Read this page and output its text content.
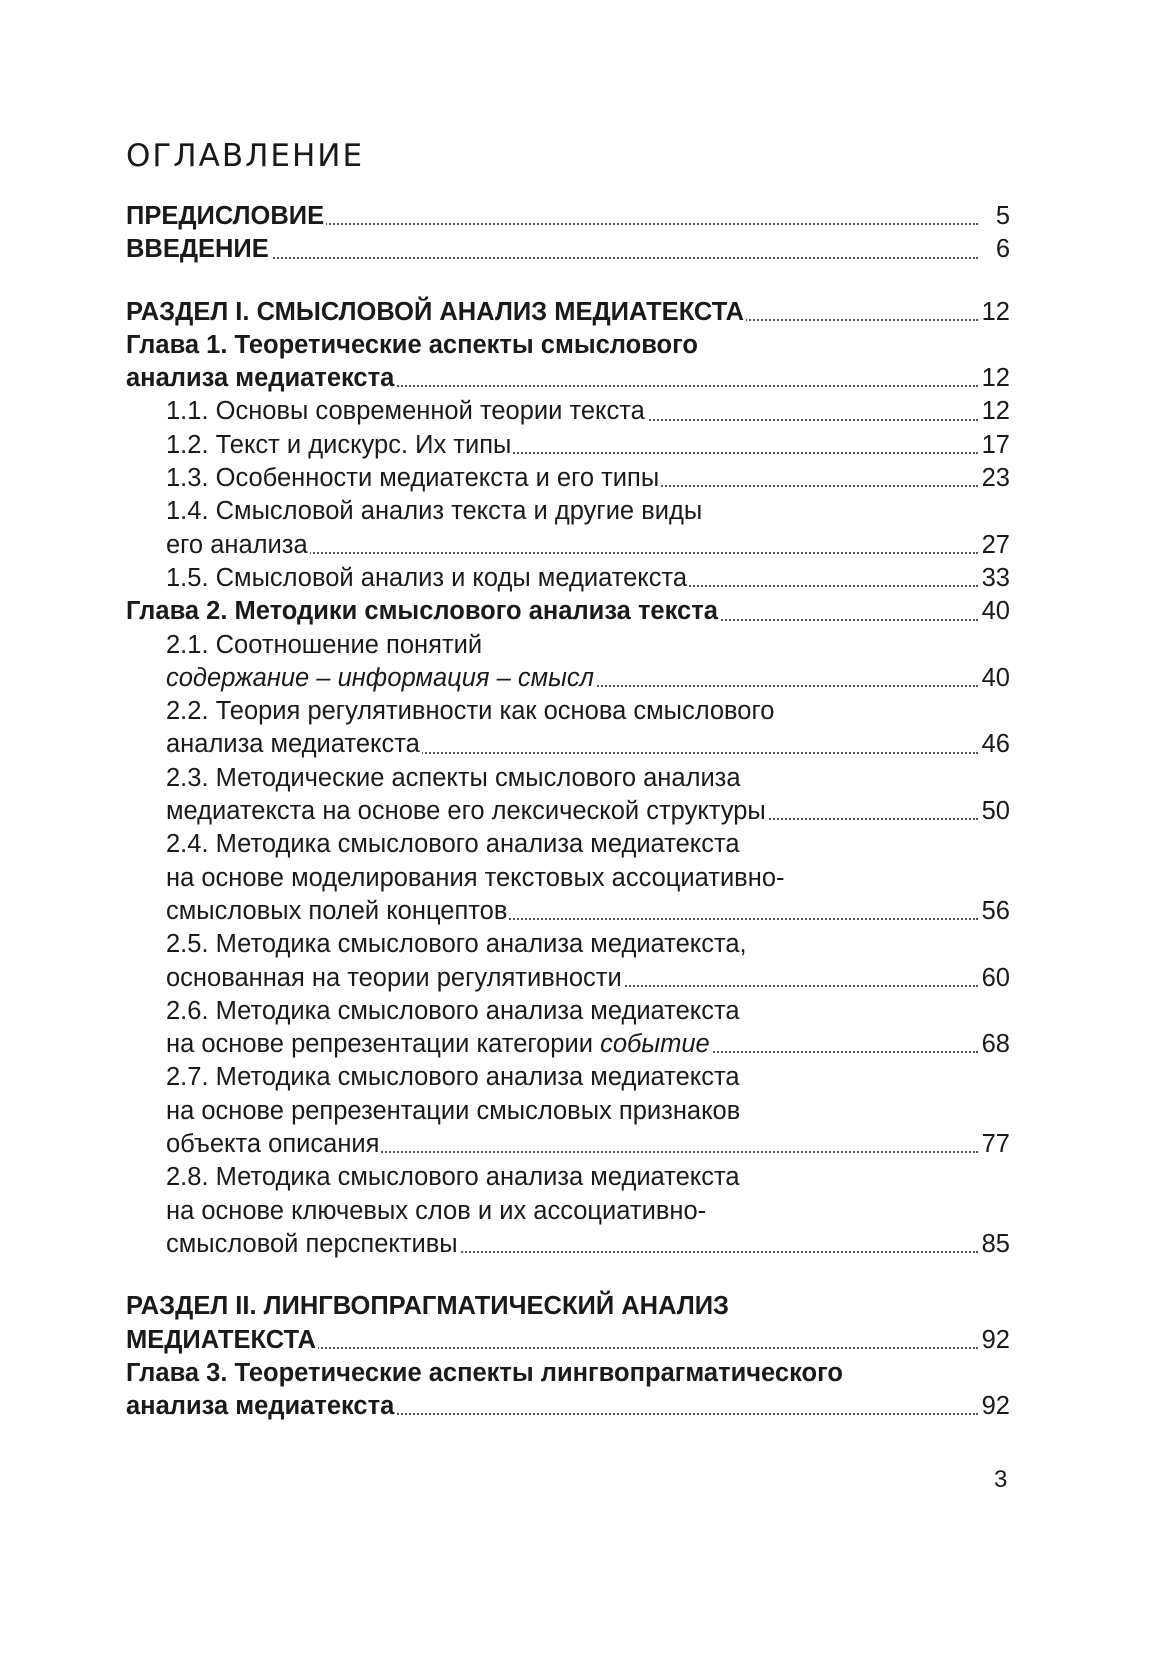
ОГЛАВЛЕНИЕ
ПРЕДИСЛОВИЕ	5
ВВЕДЕНИЕ	6
РАЗДЕЛ I. СМЫСЛОВОЙ АНАЛИЗ МЕДИАТЕКСТА	12
Глава 1. Теоретические аспекты смыслового
анализа медиатекста	12
1.1. Основы современной теории текста	12
1.2. Текст и дискурс. Их типы	17
1.3. Особенности медиатекста и его типы	23
1.4. Смысловой анализ текста и другие виды
его анализа	27
1.5. Смысловой анализ и коды медиатекста	33
Глава 2. Методики смыслового анализа текста	40
2.1. Соотношение понятий
содержание – информация – смысл	40
2.2. Теория регулятивности как основа смыслового
анализа медиатекста	46
2.3. Методические аспекты смыслового анализа
медиатекста на основе его лексической структуры	50
2.4. Методика смыслового анализа медиатекста
на основе моделирования текстовых ассоциативно-
смысловых полей концептов	56
2.5. Методика смыслового анализа медиатекста,
основанная на теории регулятивности	60
2.6. Методика смыслового анализа медиатекста
на основе репрезентации категории событие	68
2.7. Методика смыслового анализа медиатекста
на основе репрезентации смысловых признаков
объекта описания	77
2.8. Методика смыслового анализа медиатекста
на основе ключевых слов и их ассоциативно-
смысловой перспективы	85
РАЗДЕЛ II. ЛИНГВОПРАГМАТИЧЕСКИЙ АНАЛИЗ
МЕДИАТЕКСТА	92
Глава 3. Теоретические аспекты лингвопрагматического
анализа медиатекста	92
3
